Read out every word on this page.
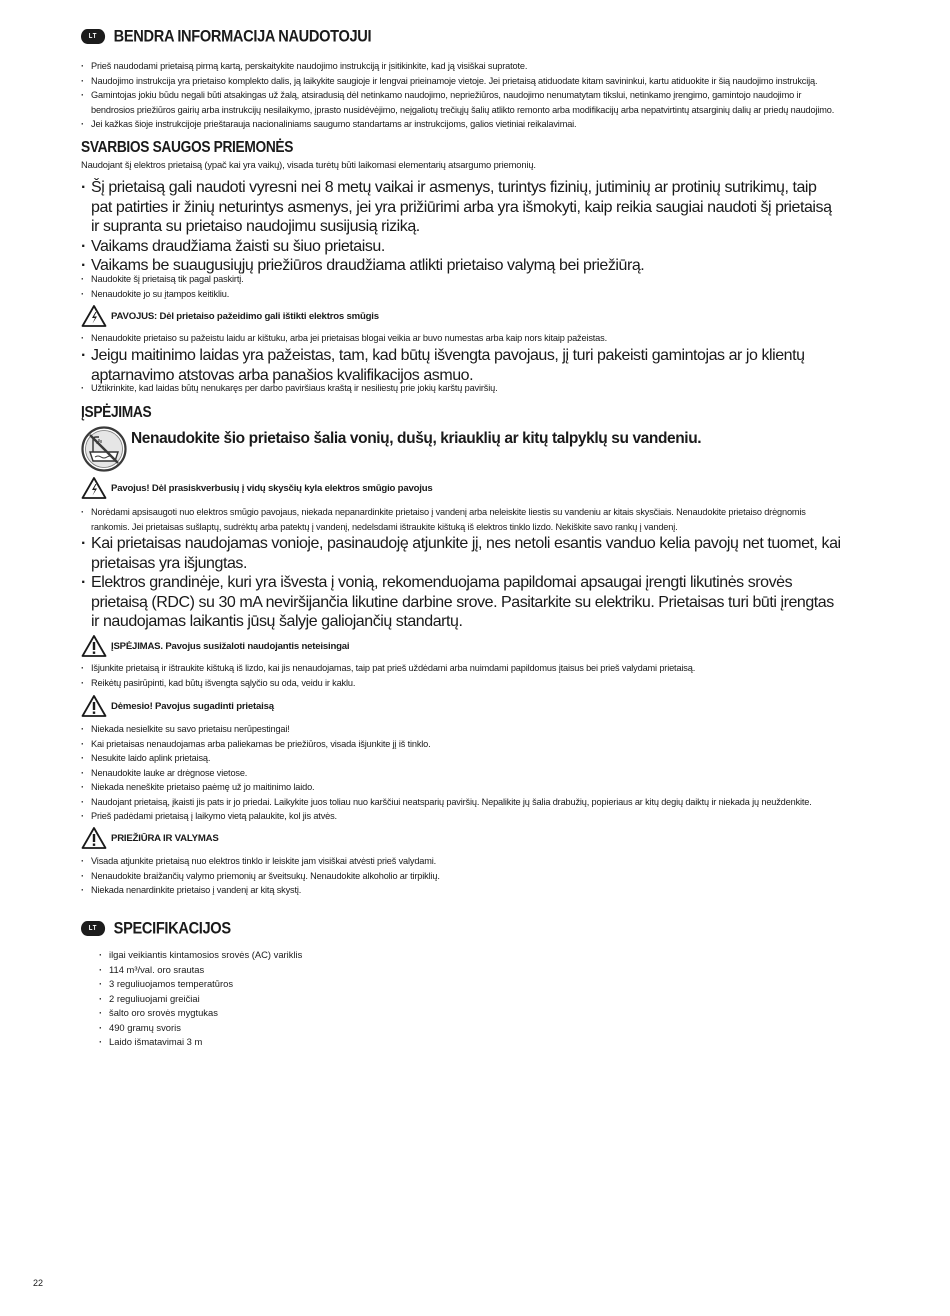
LT BENDRA INFORMACIJA NAUDOTOJUI
· Prieš naudodami prietaisą pirmą kartą, perskaitykite naudojimo instrukciją ir įsitikinkite, kad ją visiškai supratote.
· Naudojimo instrukcija yra prietaiso komplekto dalis, ją laikykite saugioje ir lengvai prieinamoje vietoje. Jei prietaisą atiduodate kitam savininkui, kartu atiduokite ir šią naudojimo instrukciją.
· Gamintojas jokiu būdu negali būti atsakingas už žalą, atsiradusią dėl netinkamo naudojimo, nepriežiūros, naudojimo nenumatytam tikslui, netinkamo įrengimo, gamintojo naudojimo ir bendrosios priežiūros gairių arba instrukcijų nesilaikymo, įprasto nusidėvėjimo, neįgaliotų trečiųjų šalių atlikto remonto arba modifikacijų arba nepatvirtintų atsarginių dalių ar priedų naudojimo.
· Jei kažkas šioje instrukcijoje prieštarauja nacionaliniams saugumo standartams ar instrukcijoms, galios vietiniai reikalavimai.
SVARBIOS SAUGOS PRIEMONĖS
Naudojant šį elektros prietaisą (ypač kai yra vaikų), visada turėtų būti laikomasi elementarių atsargumo priemonių.
· Šį prietaisą gali naudoti vyresni nei 8 metų vaikai ir asmenys, turintys fizinių, jutiminių ar protinių sutrikimų, taip pat patirties ir žinių neturintys asmenys, jei yra prižiūrimi arba yra išmokyti, kaip reikia saugiai naudoti šį prietaisą ir supranta su prietaiso naudojimu susijusią riziką.
· Vaikams draudžiama žaisti su šiuo prietaisu.
· Vaikams be suaugusiųjų priežiūros draudžiama atlikti prietaiso valymą bei priežiūrą.
· Naudokite šį prietaisą tik pagal paskirtį.
· Nenaudokite jo su įtampos keitikliu.
PAVOJUS: Dėl prietaiso pažeidimo gali ištikti elektros smūgis
· Nenaudokite prietaiso su pažeistu laidu ar kištuku, arba jei prietaisas blogai veikia ar buvo numestas arba kaip nors kitaip pažeistas.
· Jeigu maitinimo laidas yra pažeistas, tam, kad būtų išvengta pavojaus, jį turi pakeisti gamintojas ar jo klientų aptarnavimo atstovas arba panašios kvalifikacijos asmuo.
· Užtikrinkite, kad laidas būtų nenukaręs per darbo paviršiaus kraštą ir nesiliestų prie jokių karštų paviršių.
ĮSPĖJIMAS
Nenaudokite šio prietaiso šalia vonių, dušų, kriauklių ar kitų talpyklų su vandeniu.
Pavojus! Dėl prasiskverbusių į vidų skysčių kyla elektros smūgio pavojus
· Norėdami apsisaugoti nuo elektros smūgio pavojaus, niekada nepanardinkite prietaiso į vandenį arba neleiskite liestis su vandeniu ar kitais skysčiais. Nenaudokite prietaiso drėgnomis rankomis. Jei prietaisas sušlaptų, sudrėktų arba patektų į vandenį, nedelsdami ištraukite kištuką iš elektros tinklo lizdo. Nekiškite savo rankų į vandenį.
· Kai prietaisas naudojamas vonioje, pasinaudoję atjunkite jį, nes netoli esantis vanduo kelia pavojų net tuomet, kai prietaisas yra išjungtas.
· Elektros grandinėje, kuri yra išvesta į vonią, rekomenduojama papildomai apsaugai įrengti likutinės srovės prietaisą (RDC) su 30 mA neviršijančia likutine darbine srove. Pasitarkite su elektriku. Prietaisas turi būti įrengtas ir naudojamas laikantis jūsų šalyje galiojančių standartų.
ĮSPĖJIMAS. Pavojus susižaloti naudojantis neteisingai
· Išjunkite prietaisą ir ištraukite kištuką iš lizdo, kai jis nenaudojamas, taip pat prieš uždėdami arba nuimdami papildomus įtaisus bei prieš valydami prietaisą.
· Reikėtų pasirūpinti, kad būtų išvengta sąlyčio su oda, veidu ir kaklu.
Dėmesio! Pavojus sugadinti prietaisą
· Niekada nesielkite su savo prietaisu nerūpestingai!
· Kai prietaisas nenaudojamas arba paliekamas be priežiūros, visada išjunkite jį iš tinklo.
· Nesukite laido aplink prietaisą.
· Nenaudokite lauke ar drėgnose vietose.
· Niekada neneškite prietaiso paėmę už jo maitinimo laido.
· Naudojant prietaisą, įkaisti jis pats ir jo priedai. Laikykite juos toliau nuo karščiui neatsparių paviršių. Nepalikite jų šalia drabužių, popieriaus ar kitų degių daiktų ir niekada jų neuždenkite.
· Prieš padėdami prietaisą į laikymo vietą palaukite, kol jis atvės.
PRIEŽIŪRA IR VALYMAS
· Visada atjunkite prietaisą nuo elektros tinklo ir leiskite jam visiškai atvėsti prieš valydami.
· Nenaudokite braižančių valymo priemonių ar šveitsukų. Nenaudokite alkoholio ar tirpiklių.
· Niekada nenardinkite prietaiso į vandenį ar kitą skystį.
LT SPECIFIKACIJOS
· ilgai veikiantis kintamosios srovės (AC) variklis
· 114 m³/val. oro srautas
· 3 reguliuojamos temperatūros
· 2 reguliuojami greičiai
· šalto oro srovės mygtukas
· 490 gramų svoris
· Laido išmatavimai 3 m
22
